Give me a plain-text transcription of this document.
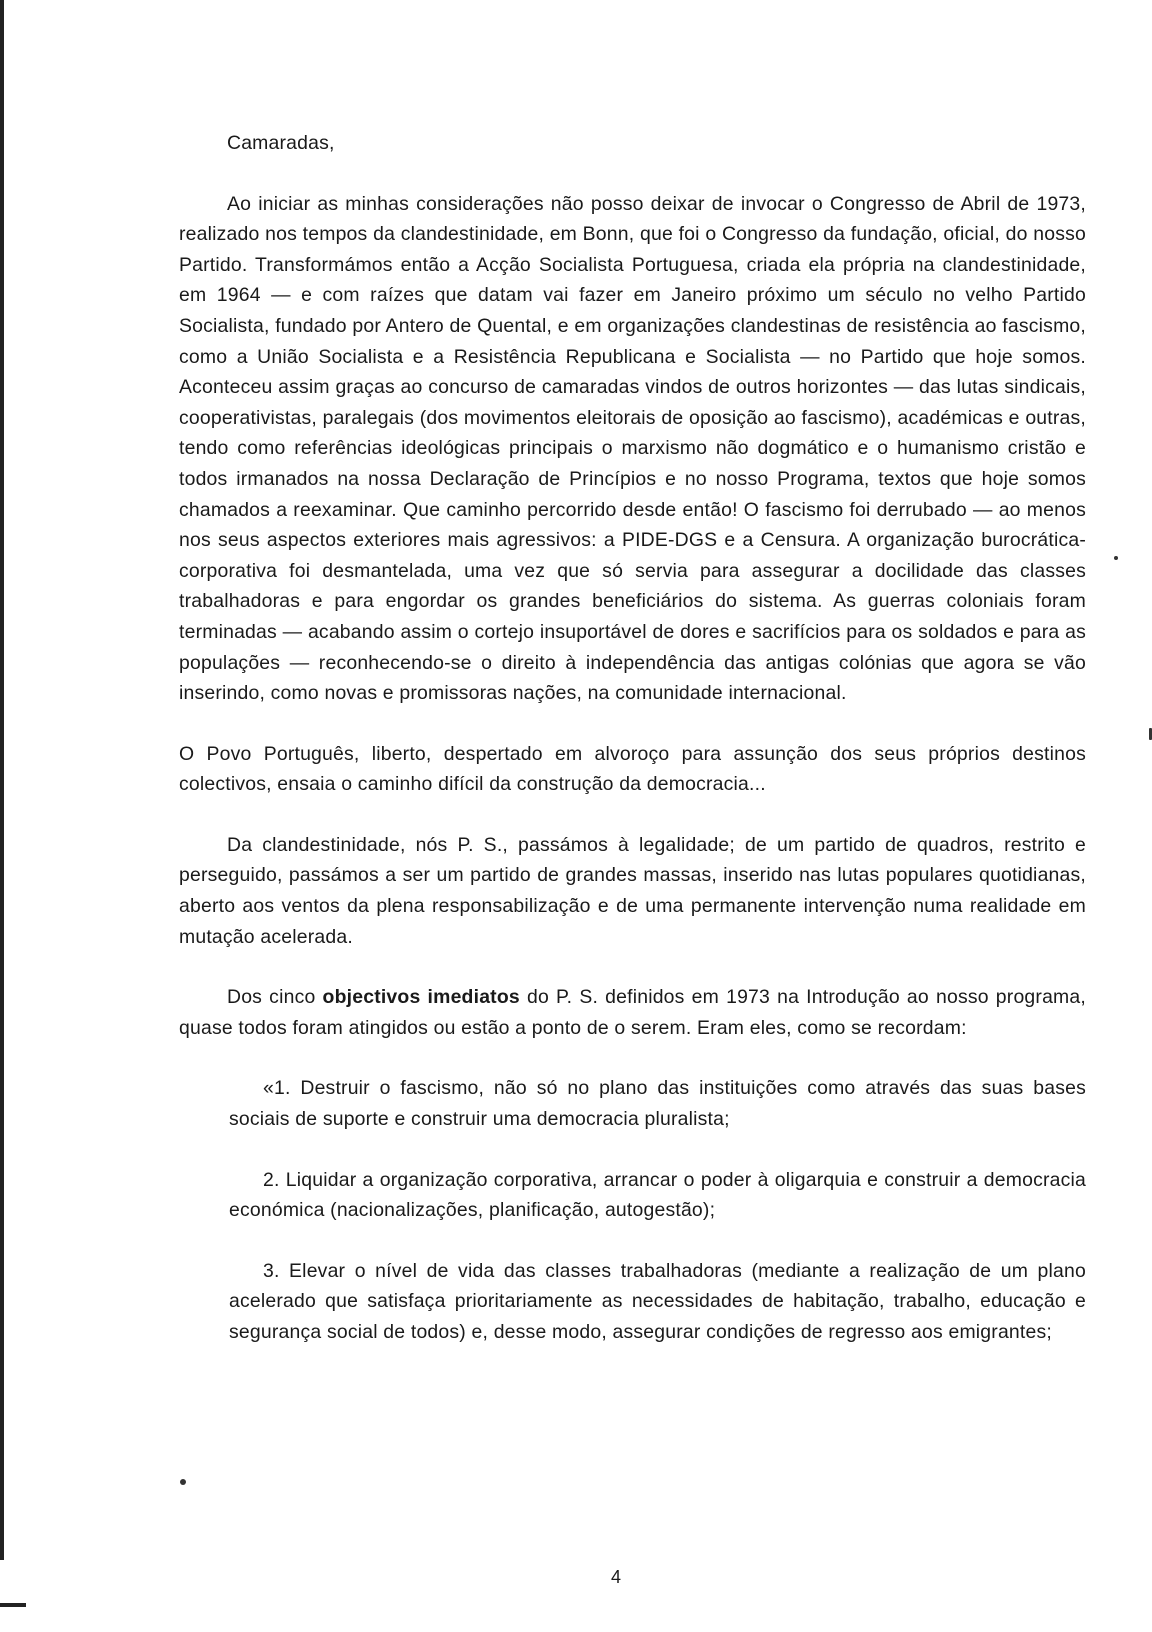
Camaradas,

Ao iniciar as minhas considerações não posso deixar de invocar o Congresso de Abril de 1973, realizado nos tempos da clandestinidade, em Bonn, que foi o Congresso da fundação, oficial, do nosso Partido. Transformámos então a Acção Socialista Portuguesa, criada ela própria na clandestinidade, em 1964 — e com raízes que datam vai fazer em Janeiro próximo um século no velho Partido Socialista, fundado por Antero de Quental, e em organizações clandestinas de resistência ao fascismo, como a União Socialista e a Resistência Republicana e Socialista — no Partido que hoje somos. Aconteceu assim graças ao concurso de camaradas vindos de outros horizontes — das lutas sindicais, cooperativistas, paralegais (dos movimentos eleitorais de oposição ao fascismo), académicas e outras, tendo como referências ideológicas principais o marxismo não dogmático e o humanismo cristão e todos irmanados na nossa Declaração de Princípios e no nosso Programa, textos que hoje somos chamados a reexaminar. Que caminho percorrido desde então! O fascismo foi derrubado — ao menos nos seus aspectos exteriores mais agressivos: a PIDE-DGS e a Censura. A organização burocrática-corporativa foi desmantelada, uma vez que só servia para assegurar a docilidade das classes trabalhadoras e para engordar os grandes beneficiários do sistema. As guerras coloniais foram terminadas — acabando assim o cortejo insuportável de dores e sacrifícios para os soldados e para as populações — reconhecendo-se o direito à independência das antigas colónias que agora se vão inserindo, como novas e promissoras nações, na comunidade internacional.

O Povo Português, liberto, despertado em alvoroço para assunção dos seus próprios destinos colectivos, ensaia o caminho difícil da construção da democracia...

Da clandestinidade, nós P. S., passámos à legalidade; de um partido de quadros, restrito e perseguido, passámos a ser um partido de grandes massas, inserido nas lutas populares quotidianas, aberto aos ventos da plena responsabilização e de uma permanente intervenção numa realidade em mutação acelerada.

Dos cinco objectivos imediatos do P. S. definidos em 1973 na Introdução ao nosso programa, quase todos foram atingidos ou estão a ponto de o serem. Eram eles, como se recordam:

«1. Destruir o fascismo, não só no plano das instituições como através das suas bases sociais de suporte e construir uma democracia pluralista;

2. Liquidar a organização corporativa, arrancar o poder à oligarquia e construir a democracia económica (nacionalizações, planificação, autogestão);

3. Elevar o nível de vida das classes trabalhadoras (mediante a realização de um plano acelerado que satisfaça prioritariamente as necessidades de habitação, trabalho, educação e segurança social de todos) e, desse modo, assegurar condições de regresso aos emigrantes;

4
